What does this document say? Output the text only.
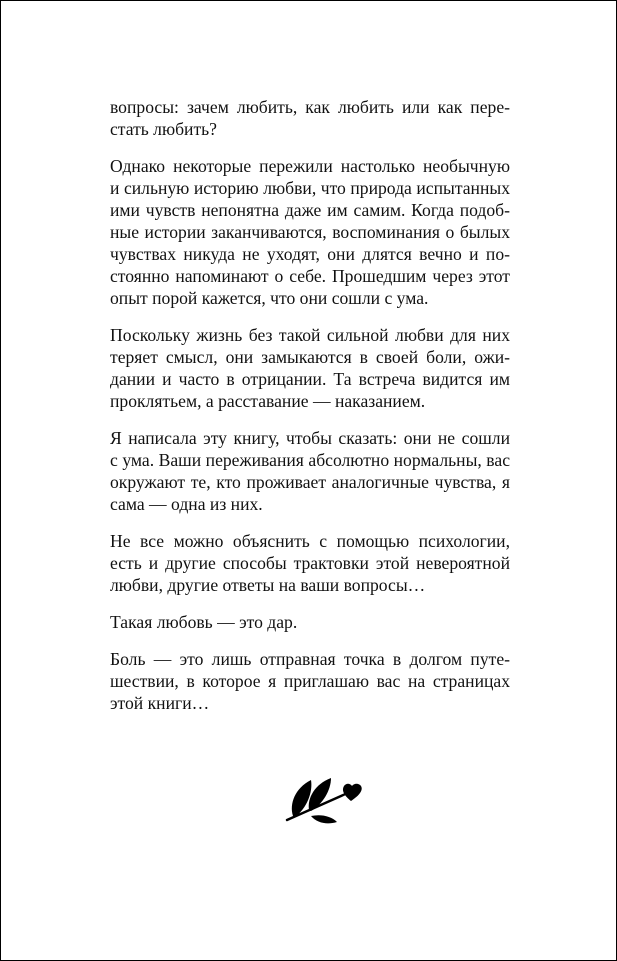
вопросы: зачем любить, как любить или как пере-
стать любить?

Однако некоторые пережили настолько необычную
и сильную историю любви, что природа испытанных
ими чувств непонятна даже им самим. Когда подоб-
ные истории заканчиваются, воспоминания о былых
чувствах никуда не уходят, они длятся вечно и по-
стоянно напоминают о себе. Прошедшим через этот
опыт порой кажется, что они сошли с ума.

Поскольку жизнь без такой сильной любви для них
теряет смысл, они замыкаются в своей боли, ожи-
дании и часто в отрицании. Та встреча видится им
проклятьем, а расставание — наказанием.

Я написала эту книгу, чтобы сказать: они не сошли
с ума. Ваши переживания абсолютно нормальны, вас
окружают те, кто проживает аналогичные чувства, я
сама — одна из них.

Не все можно объяснить с помощью психологии,
есть и другие способы трактовки этой невероятной
любви, другие ответы на ваши вопросы…

Такая любовь — это дар.

Боль — это лишь отправная точка в долгом путе-
шествии, в которое я приглашаю вас на страницах
этой книги…
